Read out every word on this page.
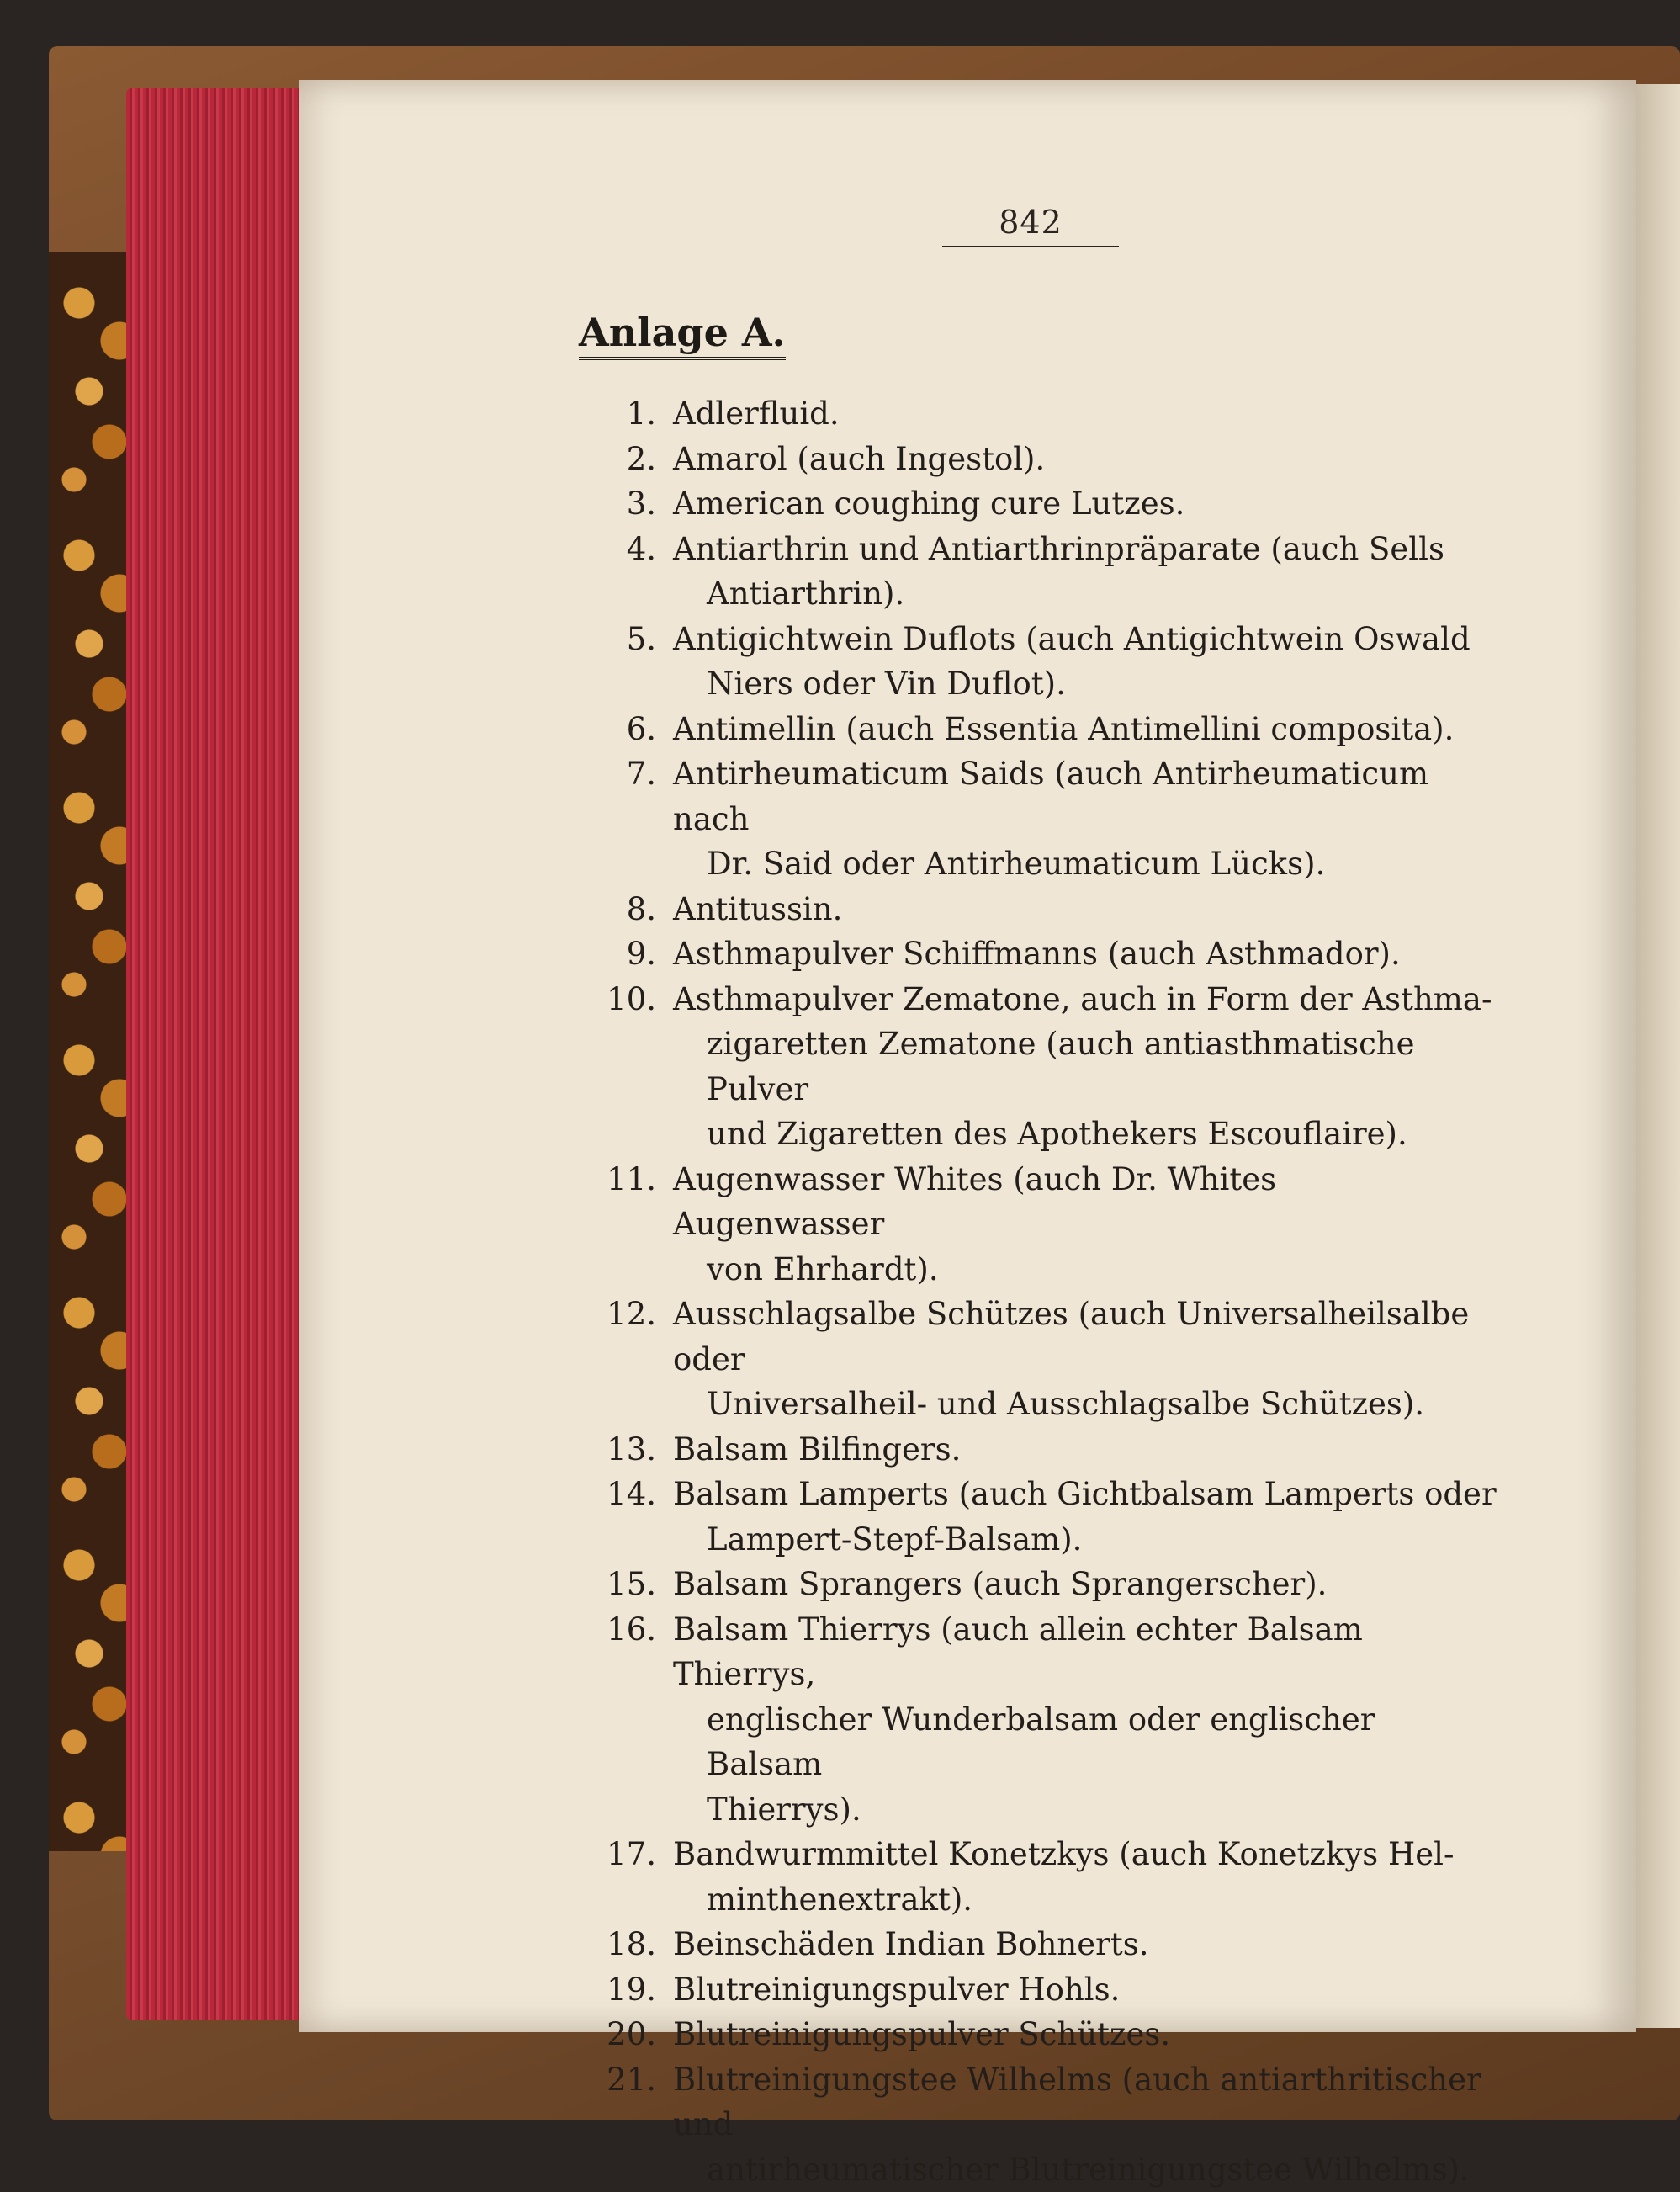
842
Anlage A.
1. Adlerfluid.
2. Amarol (auch Ingestol).
3. American coughing cure Lutzes.
4. Antiarthrin und Antiarthrinpräparate (auch Sells
Antiarthrin).
5. Antigichtwein Duflots (auch Antigichtwein Oswald
Niers oder Vin Duflot).
6. Antimellin (auch Essentia Antimellini composita).
7. Antirheumaticum Saids (auch Antirheumaticum nach
Dr. Said oder Antirheumaticum Lücks).
8. Antitussin.
9. Asthmapulver Schiffmanns (auch Asthmador).
10. Asthmapulver Zematone, auch in Form der Asthma-
zigaretten Zematone (auch antiasthmatische Pulver
und Zigaretten des Apothekers Escouflaire).
11. Augenwasser Whites (auch Dr. Whites Augenwasser
von Ehrhardt).
12. Ausschlagsalbe Schützes (auch Universalheilsalbe oder
Universalheil- und Ausschlagsalbe Schützes).
13. Balsam Bilfingers.
14. Balsam Lamperts (auch Gichtbalsam Lamperts oder
Lampert-Stepf-Balsam).
15. Balsam Sprangers (auch Sprangerscher).
16. Balsam Thierrys (auch allein echter Balsam Thierrys,
englischer Wunderbalsam oder englischer Balsam
Thierrys).
17. Bandwurmmittel Konetzkys (auch Konetzkys Hel-
minthenextrakt).
18. Beinschäden Indian Bohnerts.
19. Blutreinigungspulver Hohls.
20. Blutreinigungspulver Schützes.
21. Blutreinigungstee Wilhelms (auch antiarthritischer und
antirheumatischer Blutreinigungstee Wilhelms).
